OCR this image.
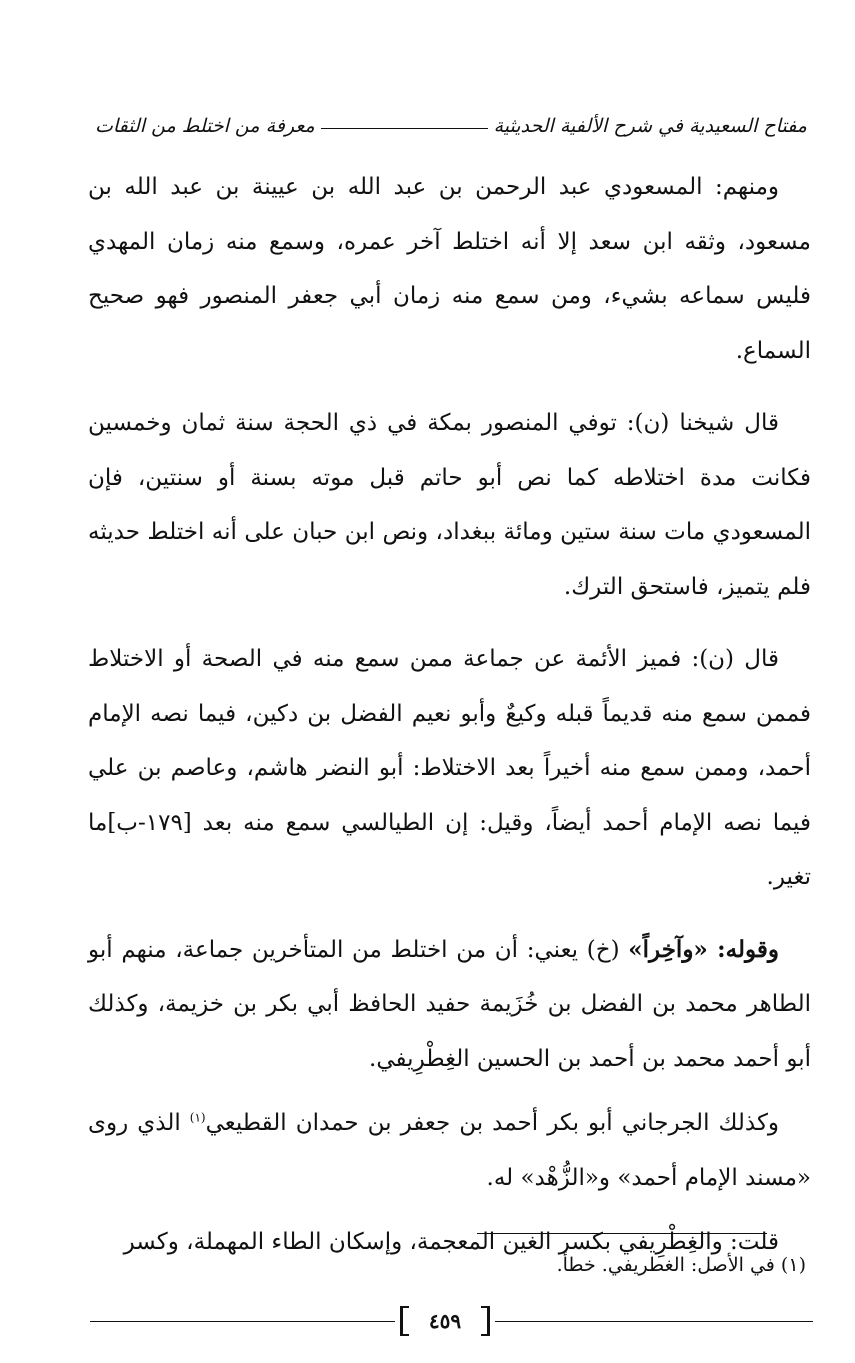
مفتاح السعيدية في شرح الألفية الحديثية
معرفة من اختلط من الثقات

ومنهم: المسعودي عبد الرحمن بن عبد الله بن عيينة بن عبد الله بن مسعود، وثقه ابن سعد إلا أنه اختلط آخر عمره، وسمع منه زمان المهدي فليس سماعه بشيء، ومن سمع منه زمان أبي جعفر المنصور فهو صحيح السماع.

قال شيخنا (ن): توفي المنصور بمكة في ذي الحجة سنة ثمان وخمسين فكانت مدة اختلاطه كما نص أبو حاتم قبل موته بسنة أو سنتين، فإن المسعودي مات سنة ستين ومائة ببغداد، ونص ابن حبان على أنه اختلط حديثه فلم يتميز، فاستحق الترك.

قال (ن): فميز الأئمة عن جماعة ممن سمع منه في الصحة أو الاختلاط فممن سمع منه قديماً قبله وكيعٌ وأبو نعيم الفضل بن دكين، فيما نصه الإمام أحمد، وممن سمع منه أخيراً بعد الاختلاط: أبو النضر هاشم، وعاصم بن علي فيما نصه الإمام أحمد أيضاً، وقيل: إن الطيالسي سمع منه بعد [١٧٩-ب]ما تغير.

وقوله: «وآخِراً» (خ) يعني: أن من اختلط من المتأخرين جماعة، منهم أبو الطاهر محمد بن الفضل بن خُزَيمة حفيد الحافظ أبي بكر بن خزيمة، وكذلك أبو أحمد محمد بن أحمد بن الحسين الغِطْرِيفي.

وكذلك الجرجاني أبو بكر أحمد بن جعفر بن حمدان القطيعي$^{(١)}$ الذي روى «مسند الإمام أحمد» و«الزُّهْد» له.

قلت: والغِطْرِيفي بكسر الغين المعجمة، وإسكان الطاء المهملة، وكسر

(١) في الأصل: الغطريفي. خطأ.
٤٥٩
